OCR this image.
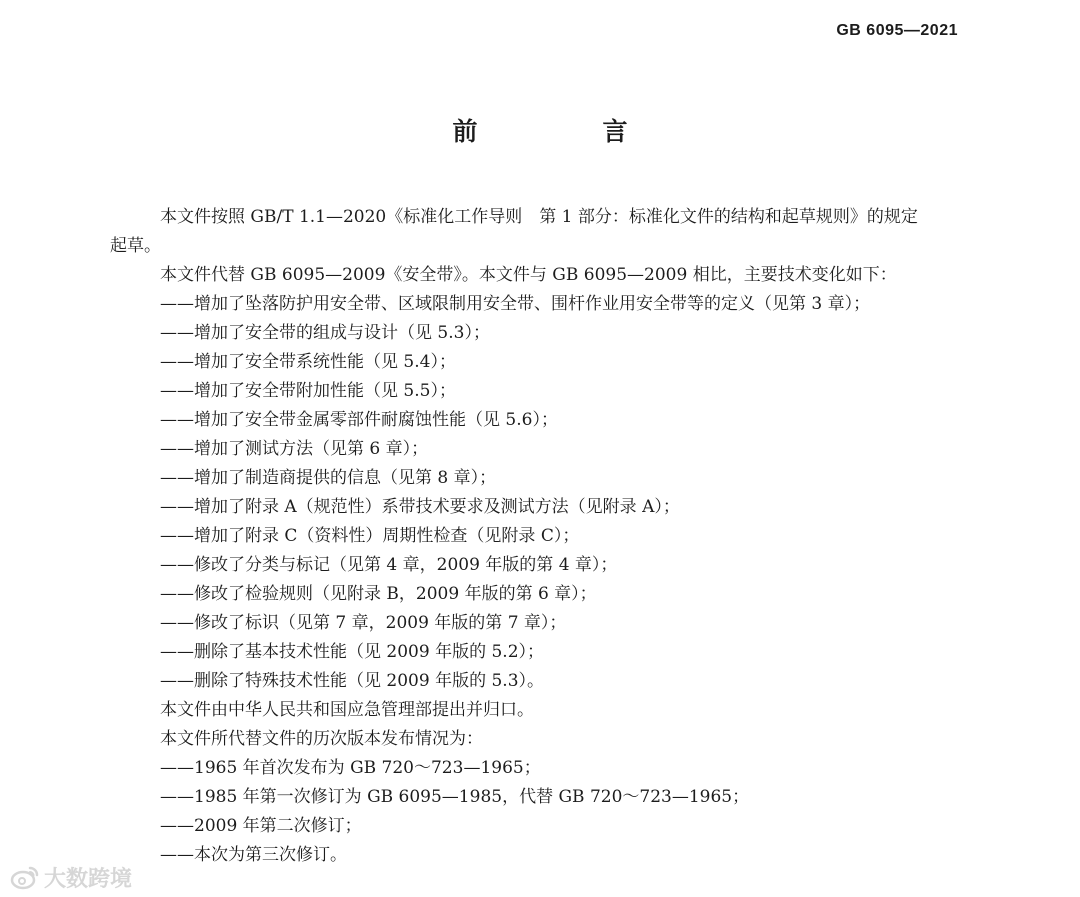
GB 6095—2021
前　言
本文件按照 GB/T 1.1—2020《标准化工作导则　第 1 部分：标准化文件的结构和起草规则》的规定
起草。
本文件代替 GB 6095—2009《安全带》。本文件与 GB 6095—2009 相比，主要技术变化如下：
——增加了坠落防护用安全带、区域限制用安全带、围杆作业用安全带等的定义（见第 3 章）；
——增加了安全带的组成与设计（见 5.3）；
——增加了安全带系统性能（见 5.4）；
——增加了安全带附加性能（见 5.5）；
——增加了安全带金属零部件耐腐蚀性能（见 5.6）；
——增加了测试方法（见第 6 章）；
——增加了制造商提供的信息（见第 8 章）；
——增加了附录 A（规范性）系带技术要求及测试方法（见附录 A）；
——增加了附录 C（资料性）周期性检查（见附录 C）；
——修改了分类与标记（见第 4 章，2009 年版的第 4 章）；
——修改了检验规则（见附录 B，2009 年版的第 6 章）；
——修改了标识（见第 7 章，2009 年版的第 7 章）；
——删除了基本技术性能（见 2009 年版的 5.2）；
——删除了特殊技术性能（见 2009 年版的 5.3）。
本文件由中华人民共和国应急管理部提出并归口。
本文件所代替文件的历次版本发布情况为：
——1965 年首次发布为 GB 720～723—1965；
——1985 年第一次修订为 GB 6095—1985，代替 GB 720～723—1965；
——2009 年第二次修订；
——本次为第三次修订。
大数跨境
